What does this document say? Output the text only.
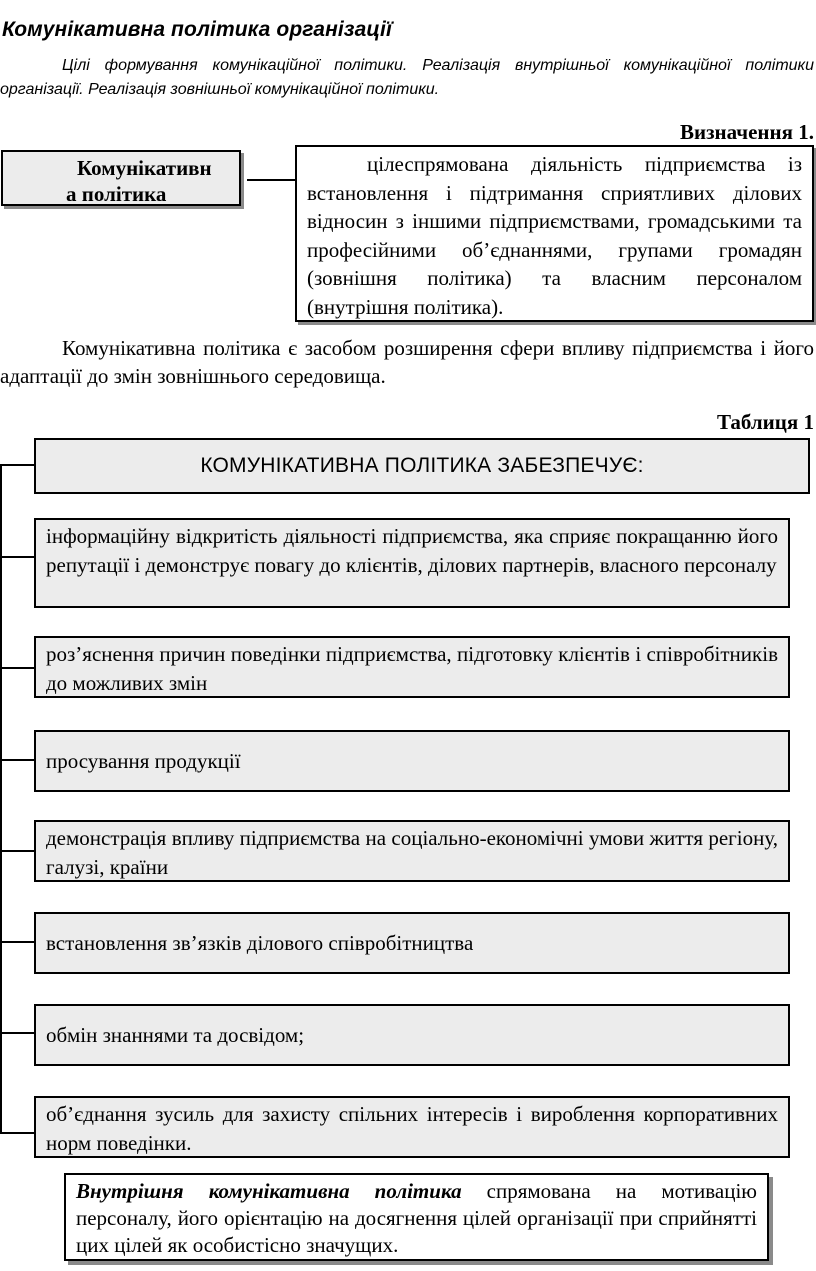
Комунікативна політика організації
Цілі формування комунікаційної політики. Реалізація внутрішньої комунікаційної політики організації. Реалізація зовнішньої комунікаційної політики.
Визначення 1.
Комунікативн
а політика
цілеспрямована діяльність підприємства із встановлення і підтримання сприятливих ділових відносин з іншими підприємствами, громадськими та професійними об’єднаннями, групами громадян (зовнішня політика) та власним персоналом (внутрішня політика).
Комунікативна політика є засобом розширення сфери впливу підприємства і його адаптації до змін зовнішнього середовища.
Таблиця 1
КОМУНІКАТИВНА ПОЛІТИКА ЗАБЕЗПЕЧУЄ:
інформаційну відкритість діяльності підприємства, яка сприяє покращанню його репутації і демонструє повагу до клієнтів, ділових партнерів, власного персоналу
роз’яснення причин поведінки підприємства, підготовку клієнтів і співробітників до можливих змін
просування продукції
демонстрація впливу підприємства на соціально-економічні умови життя регіону, галузі, країни
встановлення зв’язків ділового співробітництва
обмін знаннями та досвідом;
об’єднання зусиль для захисту спільних інтересів і вироблення корпоративних норм поведінки.
Внутрішня комунікативна політика спрямована на мотивацію персоналу, його орієнтацію на досягнення цілей організації при сприйнятті цих цілей як особистісно значущих.
